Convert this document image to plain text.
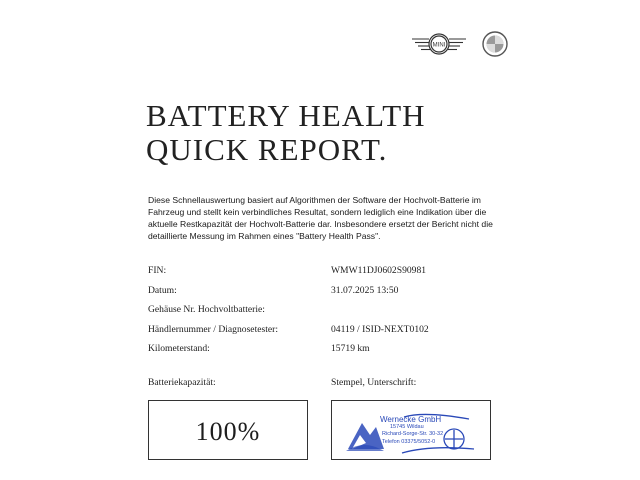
MINI
BATTERY HEALTH
QUICK REPORT.
Diese Schnellauswertung basiert auf Algorithmen der Software der Hochvolt-Batterie im Fahrzeug und stellt kein verbindliches Resultat, sondern lediglich eine Indikation über die aktuelle Restkapazität der Hochvolt-Batterie dar. Insbesondere ersetzt der Bericht nicht die detaillierte Messung im Rahmen eines "Battery Health Pass".
FIN:	WMW11DJ0602S90981
Datum:	31.07.2025 13:50
Gehäuse Nr. Hochvoltbatterie:
Händlernummer / Diagnosetester:	04119 / ISID-NEXT0102
Kilometerstand:	15719 km
Batteriekapazität:	Stempel, Unterschrift:
100%	Wernecke GmbH
15745 Wildau
Richard-Sorge-Str. 30-32
Telefon 03375/5052-0
